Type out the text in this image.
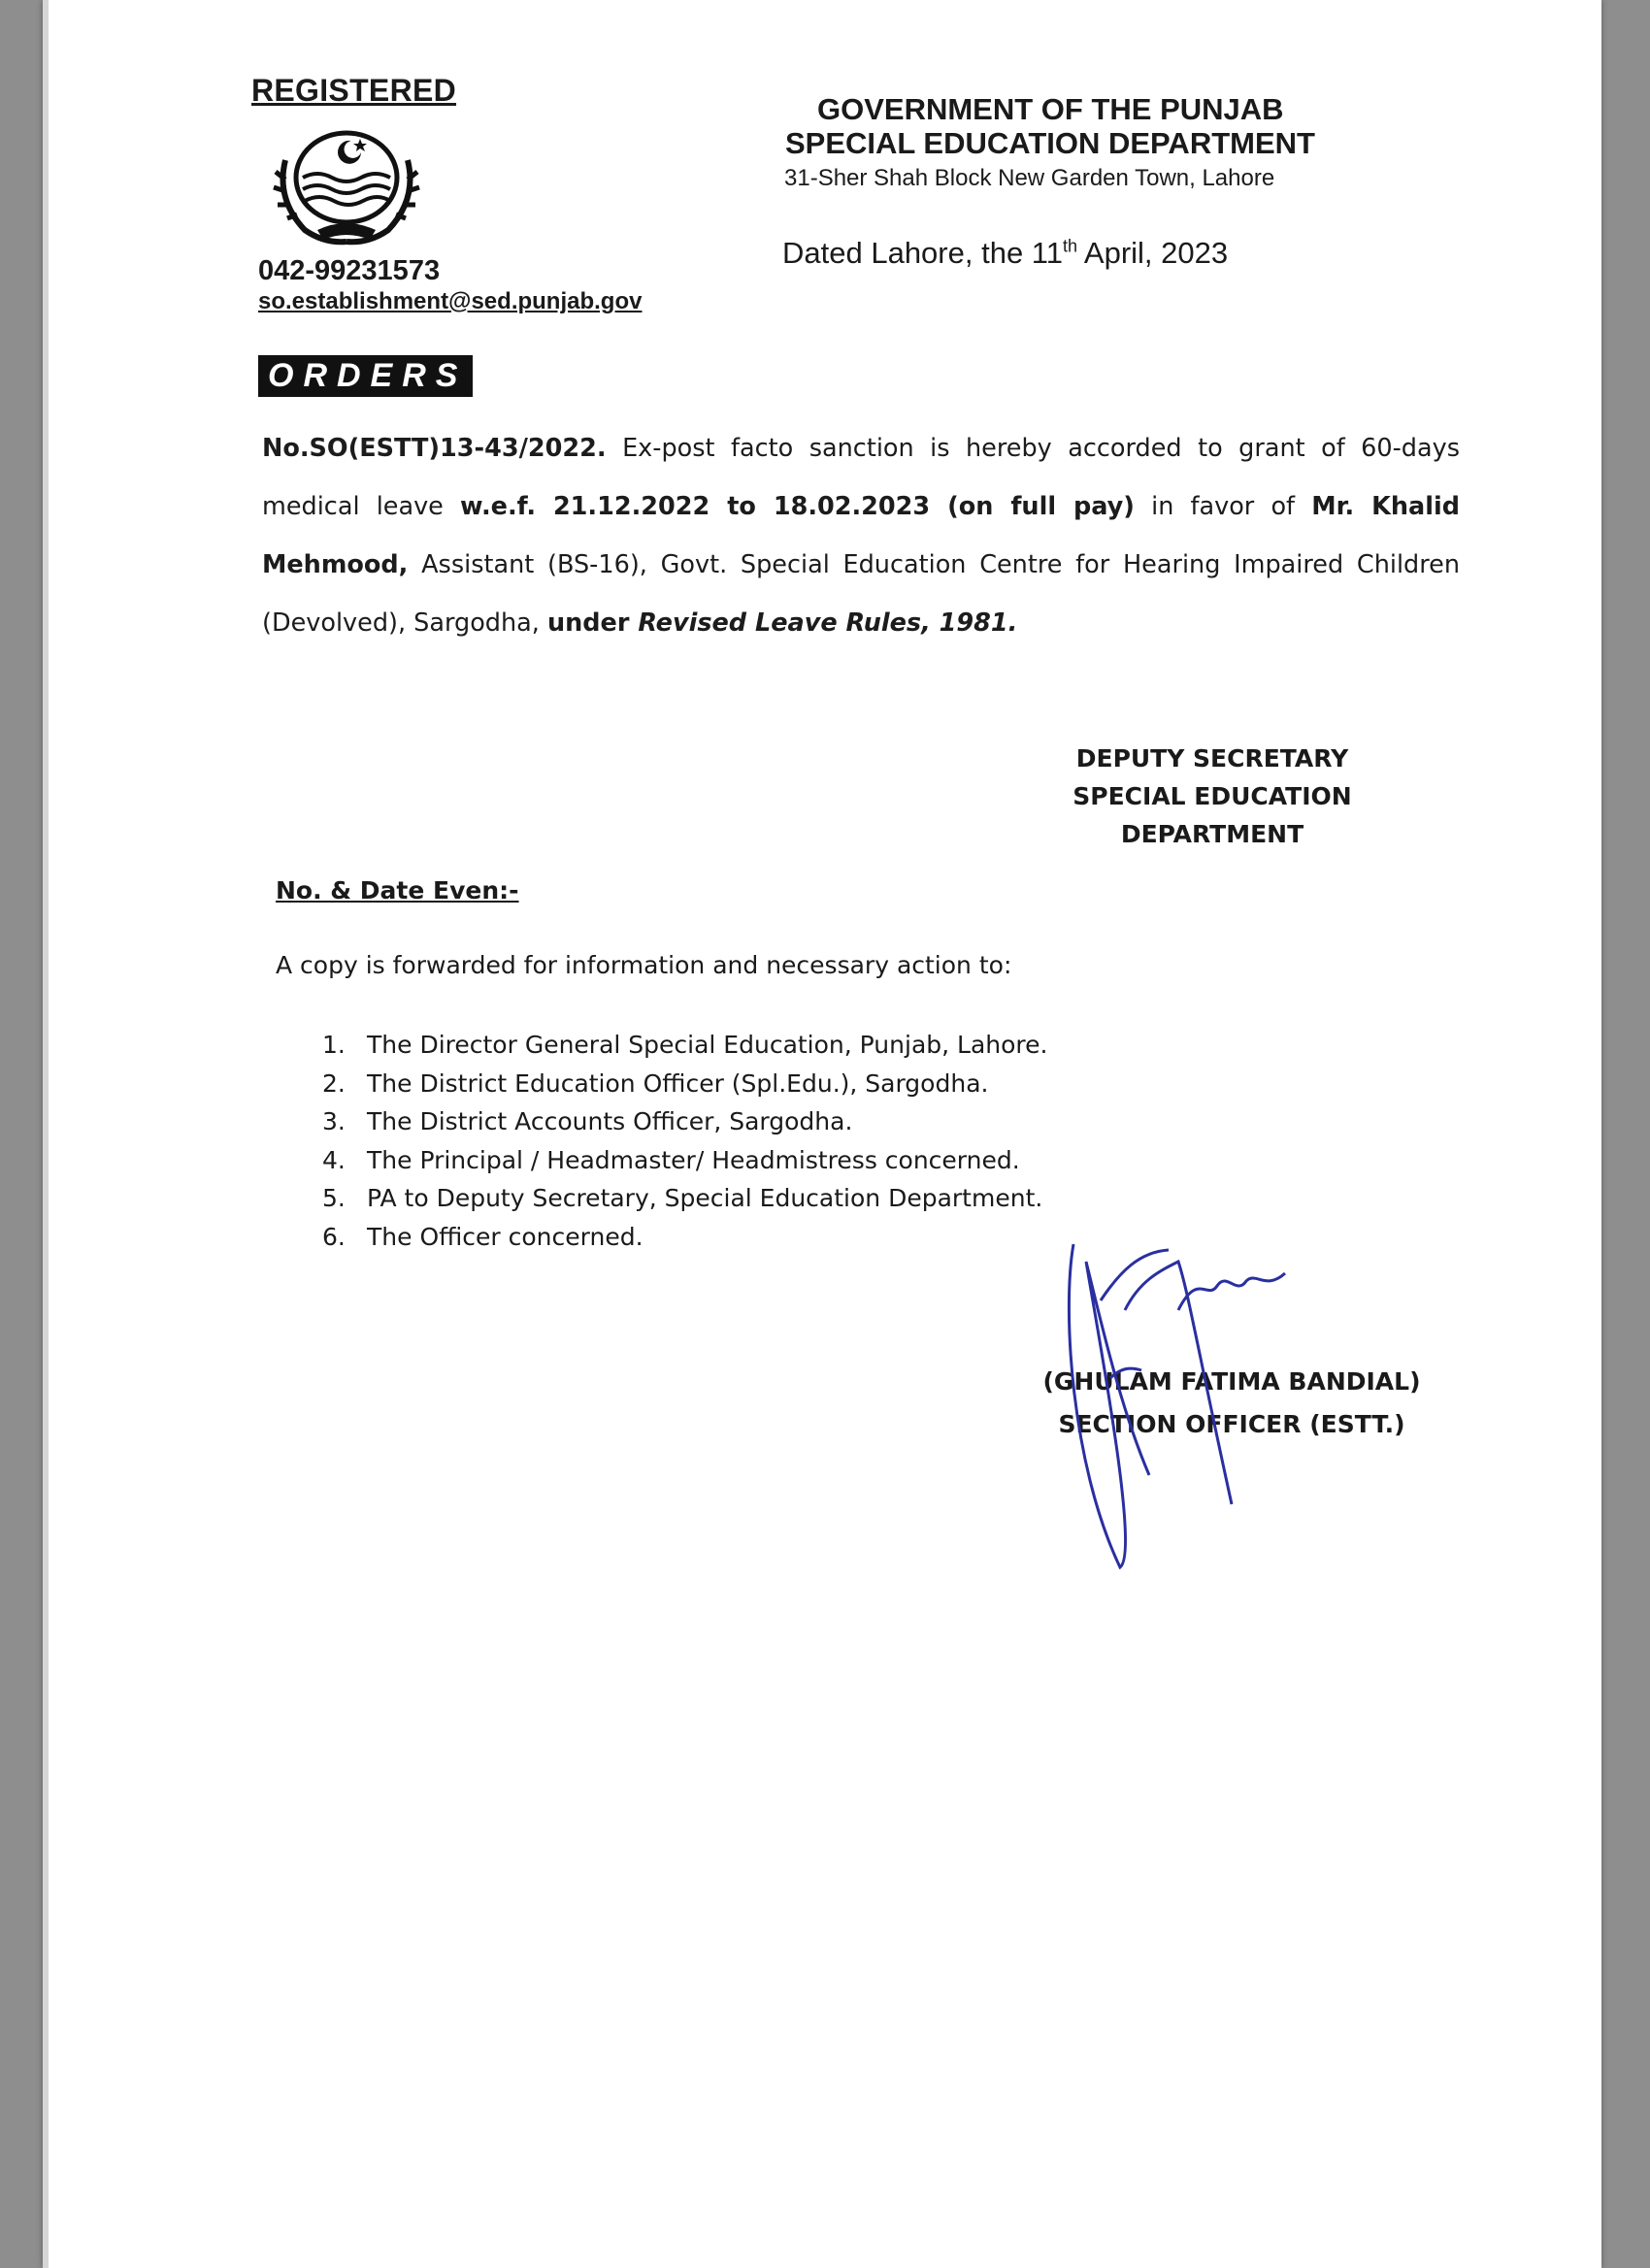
REGISTERED
042-99231573
so.establishment@sed.punjab.gov
GOVERNMENT OF THE PUNJAB
SPECIAL EDUCATION DEPARTMENT
31-Sher Shah Block New Garden Town, Lahore
Dated Lahore, the 11th April, 2023
ORDERS
No.SO(ESTT)13-43/2022. Ex-post facto sanction is hereby accorded to grant of 60-days medical leave w.e.f. 21.12.2022 to 18.02.2023 (on full pay) in favor of Mr. Khalid Mehmood, Assistant (BS-16), Govt. Special Education Centre for Hearing Impaired Children (Devolved), Sargodha, under Revised Leave Rules, 1981.
DEPUTY SECRETARY
SPECIAL EDUCATION
DEPARTMENT
No. & Date Even:-
A copy is forwarded for information and necessary action to:
1. The Director General Special Education, Punjab, Lahore.
2. The District Education Officer (Spl.Edu.), Sargodha.
3. The District Accounts Officer, Sargodha.
4. The Principal / Headmaster/ Headmistress concerned.
5. PA to Deputy Secretary, Special Education Department.
6. The Officer concerned.
(GHULAM FATIMA BANDIAL)
SECTION OFFICER (ESTT.)
